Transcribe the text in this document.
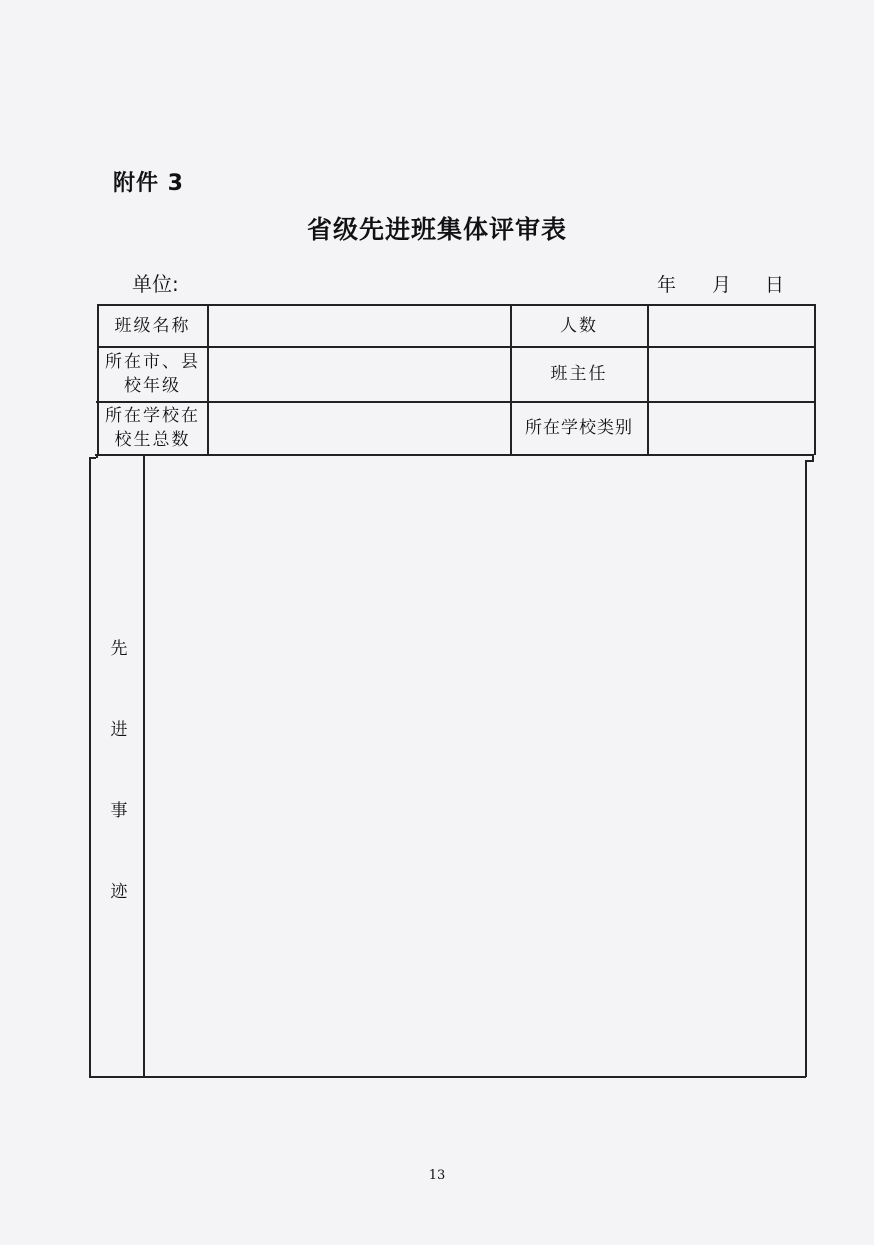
附件 3
省级先进班集体评审表
单位:	年 月 日
班级名称	人数
所在市、县
校年级
班主任
所在学校在
校生总数
所在学校类别
先
进
事
迹
13
